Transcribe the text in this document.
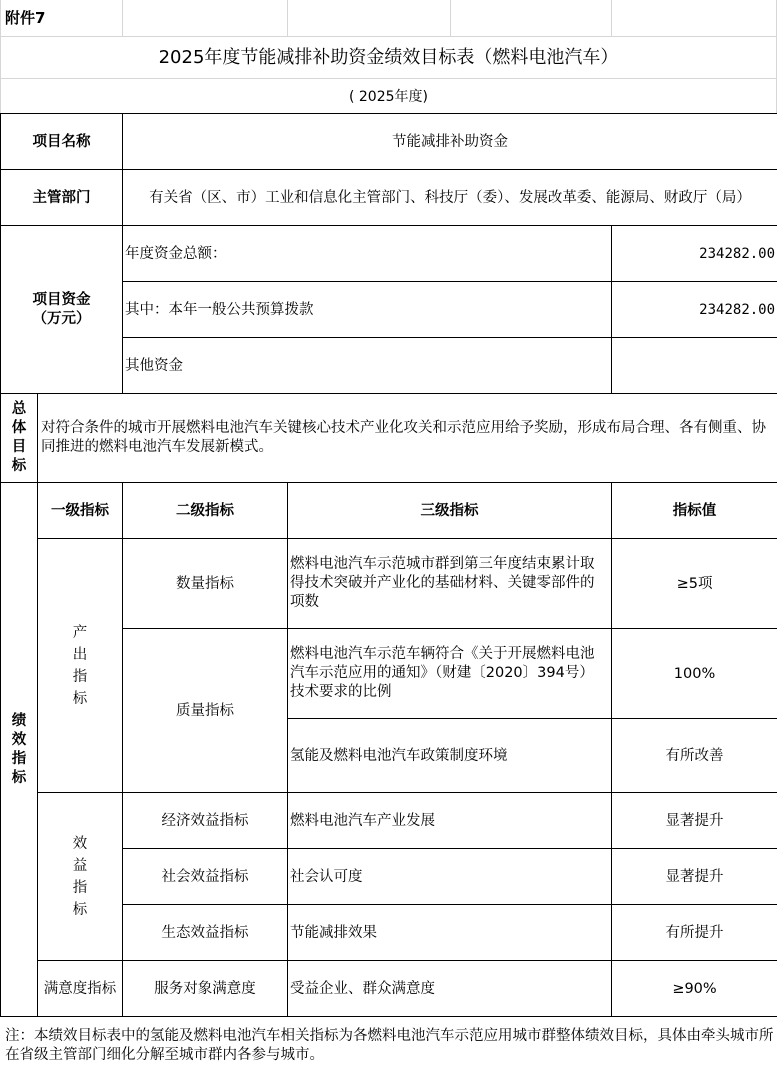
附件7
2025年度节能减排补助资金绩效目标表（燃料电池汽车）
( 2025年度)
项目名称		节能减排补助资金		
主管部门		有关省（区、市）工业和信息化主管部门、科技厅（委）、发展改革委、能源局、财政厅（局）		

项目资金
（万元）		年度资金总额：		234282.00
		其中：本年一般公共预算拨款		234282.00
		其他资金		

总
体
目
标	对符合条件的城市开展燃料电池汽车关键核心技术产业化攻关和示范应用给予奖励，形成布局合理、各有侧重、协同推进的燃料电池汽车发展新模式。			

绩
效
指
标	一级指标	二级指标	三级指标	指标值

	产
出
指
标	数量指标	燃料电池汽车示范城市群到第三年度结束累计取得技术突破并产业化的基础材料、关键零部件的项数	≥5项
		质量指标	燃料电池汽车示范车辆符合《关于开展燃料电池汽车示范应用的通知》（财建〔2020〕394号）技术要求的比例	100%
			氢能及燃料电池汽车政策制度环境	有所改善

	效
益
指
标	经济效益指标	燃料电池汽车产业发展	显著提升
		社会效益指标	社会认可度	显著提升
		生态效益指标	节能减排效果	有所提升
	满意度指标	服务对象满意度	受益企业、群众满意度	≥90%
注：本绩效目标表中的氢能及燃料电池汽车相关指标为各燃料电池汽车示范应用城市群整体绩效目标，具体由牵头城市所在省级主管部门细化分解至城市群内各参与城市。
